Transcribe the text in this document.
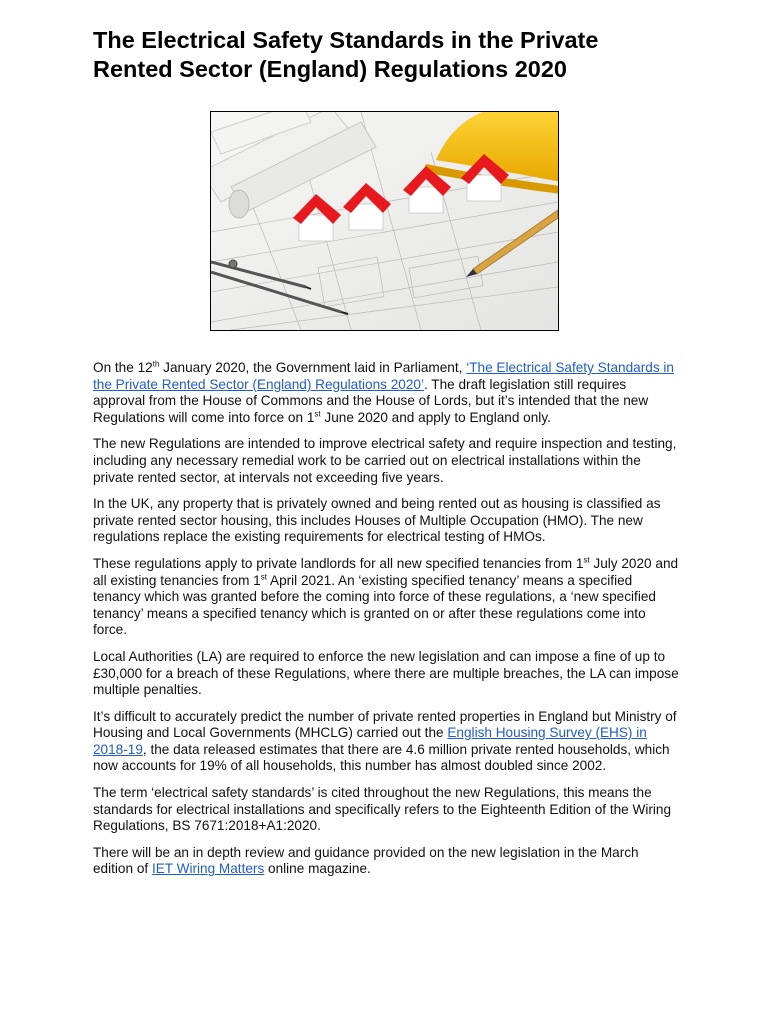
The Electrical Safety Standards in the Private Rented Sector (England) Regulations 2020

On the 12th January 2020, the Government laid in Parliament, ‘The Electrical Safety Standards in the Private Rented Sector (England) Regulations 2020’. The draft legislation still requires approval from the House of Commons and the House of Lords, but it’s intended that the new Regulations will come into force on 1st June 2020 and apply to England only.

The new Regulations are intended to improve electrical safety and require inspection and testing, including any necessary remedial work to be carried out on electrical installations within the private rented sector, at intervals not exceeding five years.

In the UK, any property that is privately owned and being rented out as housing is classified as private rented sector housing, this includes Houses of Multiple Occupation (HMO). The new regulations replace the existing requirements for electrical testing of HMOs.

These regulations apply to private landlords for all new specified tenancies from 1st July 2020 and all existing tenancies from 1st April 2021. An ‘existing specified tenancy’ means a specified tenancy which was granted before the coming into force of these regulations, a ‘new specified tenancy’ means a specified tenancy which is granted on or after these regulations come into force.

Local Authorities (LA) are required to enforce the new legislation and can impose a fine of up to £30,000 for a breach of these Regulations, where there are multiple breaches, the LA can impose multiple penalties.

It’s difficult to accurately predict the number of private rented properties in England but Ministry of Housing and Local Governments (MHCLG) carried out the English Housing Survey (EHS) in 2018-19, the data released estimates that there are 4.6 million private rented households, which now accounts for 19% of all households, this number has almost doubled since 2002.

The term ‘electrical safety standards’ is cited throughout the new Regulations, this means the standards for electrical installations and specifically refers to the Eighteenth Edition of the Wiring Regulations, BS 7671:2018+A1:2020.

There will be an in depth review and guidance provided on the new legislation in the March edition of IET Wiring Matters online magazine.
